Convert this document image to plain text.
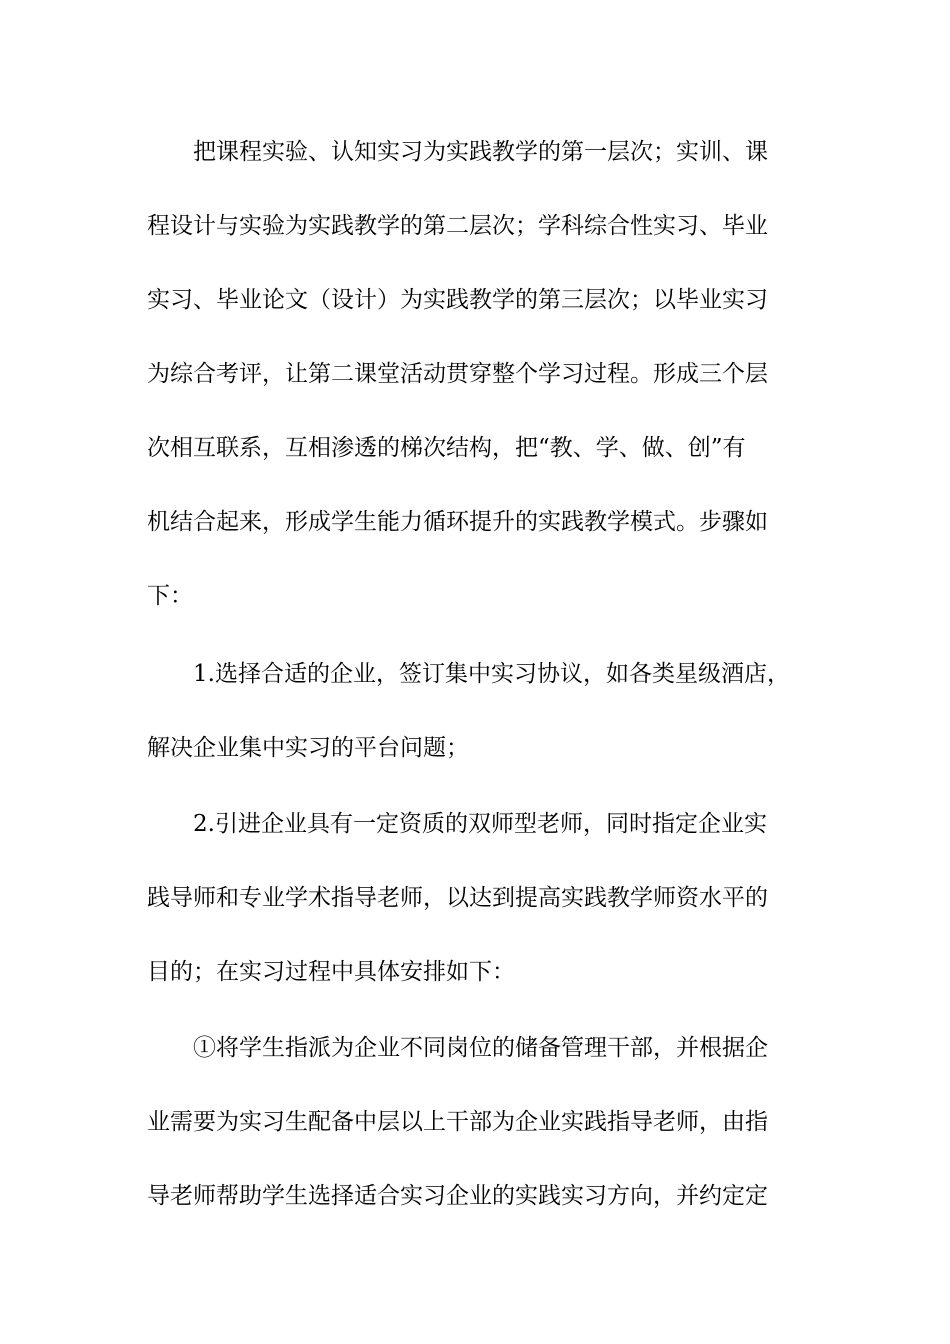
把课程实验、认知实习为实践教学的第一层次；实训、课
程设计与实验为实践教学的第二层次；学科综合性实习、毕业
实习、毕业论文（设计）为实践教学的第三层次；以毕业实习
为综合考评，让第二课堂活动贯穿整个学习过程。形成三个层
次相互联系，互相渗透的梯次结构，把“教、学、做、创”有
机结合起来，形成学生能力循环提升的实践教学模式。步骤如
下：
1.选择合适的企业，签订集中实习协议，如各类星级酒店，
解决企业集中实习的平台问题；
2.引进企业具有一定资质的双师型老师，同时指定企业实
践导师和专业学术指导老师，以达到提高实践教学师资水平的
目的；在实习过程中具体安排如下：
①将学生指派为企业不同岗位的储备管理干部，并根据企
业需要为实习生配备中层以上干部为企业实践指导老师，由指
导老师帮助学生选择适合实习企业的实践实习方向，并约定定
